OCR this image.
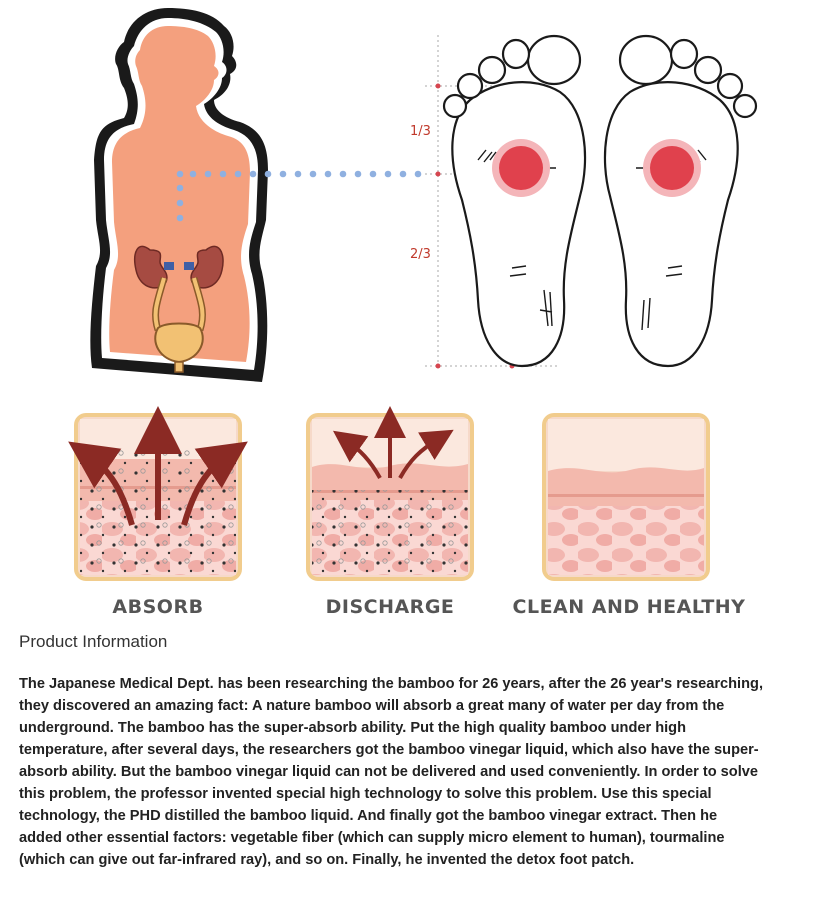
1/3
2/3
ABSORB	DISCHARGE	CLEAN AND HEALTHY
Product Information

The Japanese Medical Dept. has been researching the bamboo for 26 years, after the 26 year's researching, they discovered an amazing fact: A nature bamboo will absorb a great many of water per day from the underground. The bamboo has the super-absorb ability. Put the high quality bamboo under high temperature, after several days, the researchers got the bamboo vinegar liquid, which also have the super-absorb ability. But the bamboo vinegar liquid can not be delivered and used conveniently. In order to solve this problem, the professor invented special high technology to solve this problem. Use this special technology, the PHD distilled the bamboo liquid. And finally got the bamboo vinegar extract. Then he added other essential factors: vegetable fiber (which can supply micro element to human), tourmaline (which can give out far-infrared ray), and so on. Finally, he invented the detox foot patch.
